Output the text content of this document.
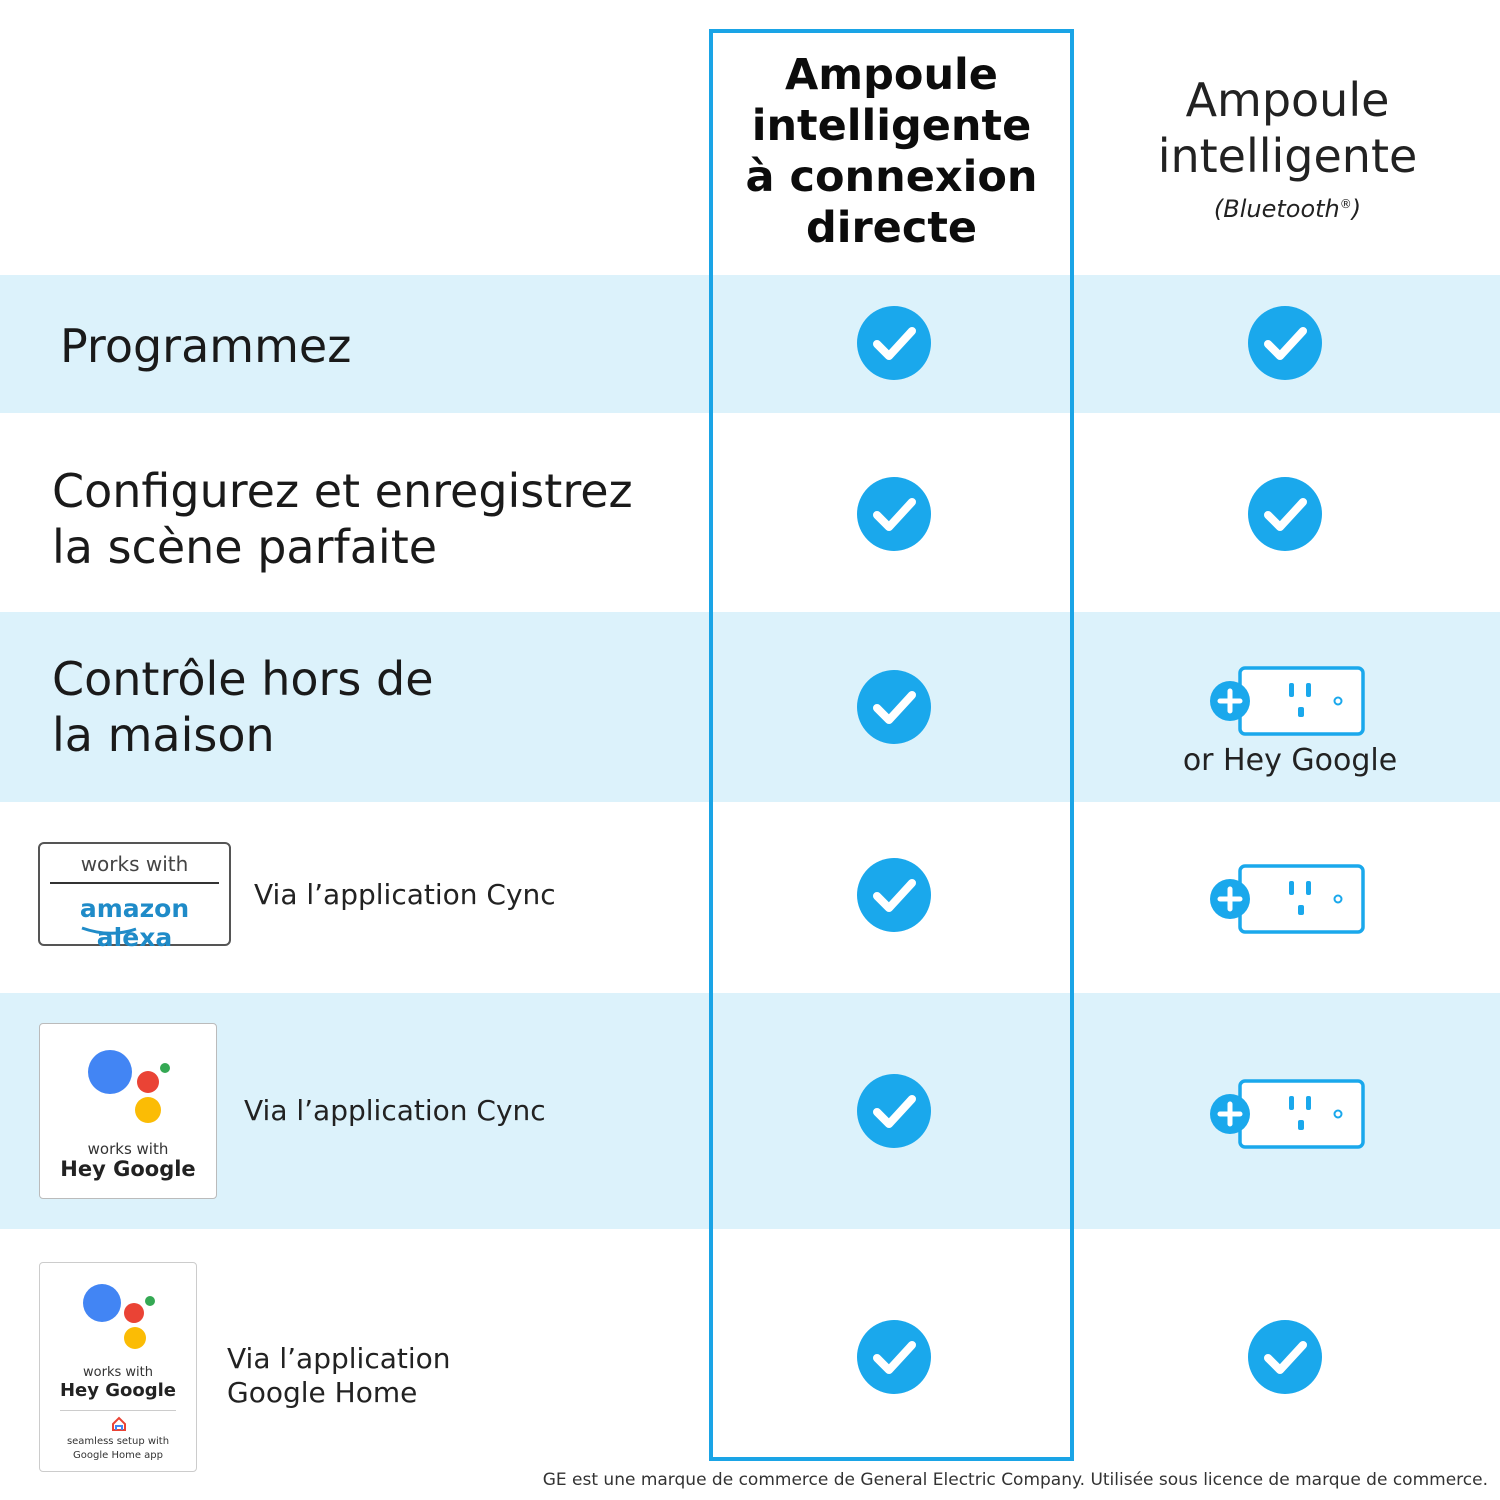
Ampoule
intelligente
à connexion
directe
Ampoule
intelligente
(Bluetooth®)
Programmez
Configurez et enregistrez
la scène parfaite
Contrôle hors de
la maison
works with
amazon alexa
Via l’application Cync
works with
Hey Google
Via l’application Cync
works with
Hey Google
seamless setup with
Google Home app
Via l’application
Google Home
or Hey Google
GE est une marque de commerce de General Electric Company. Utilisée sous licence de marque de commerce.
